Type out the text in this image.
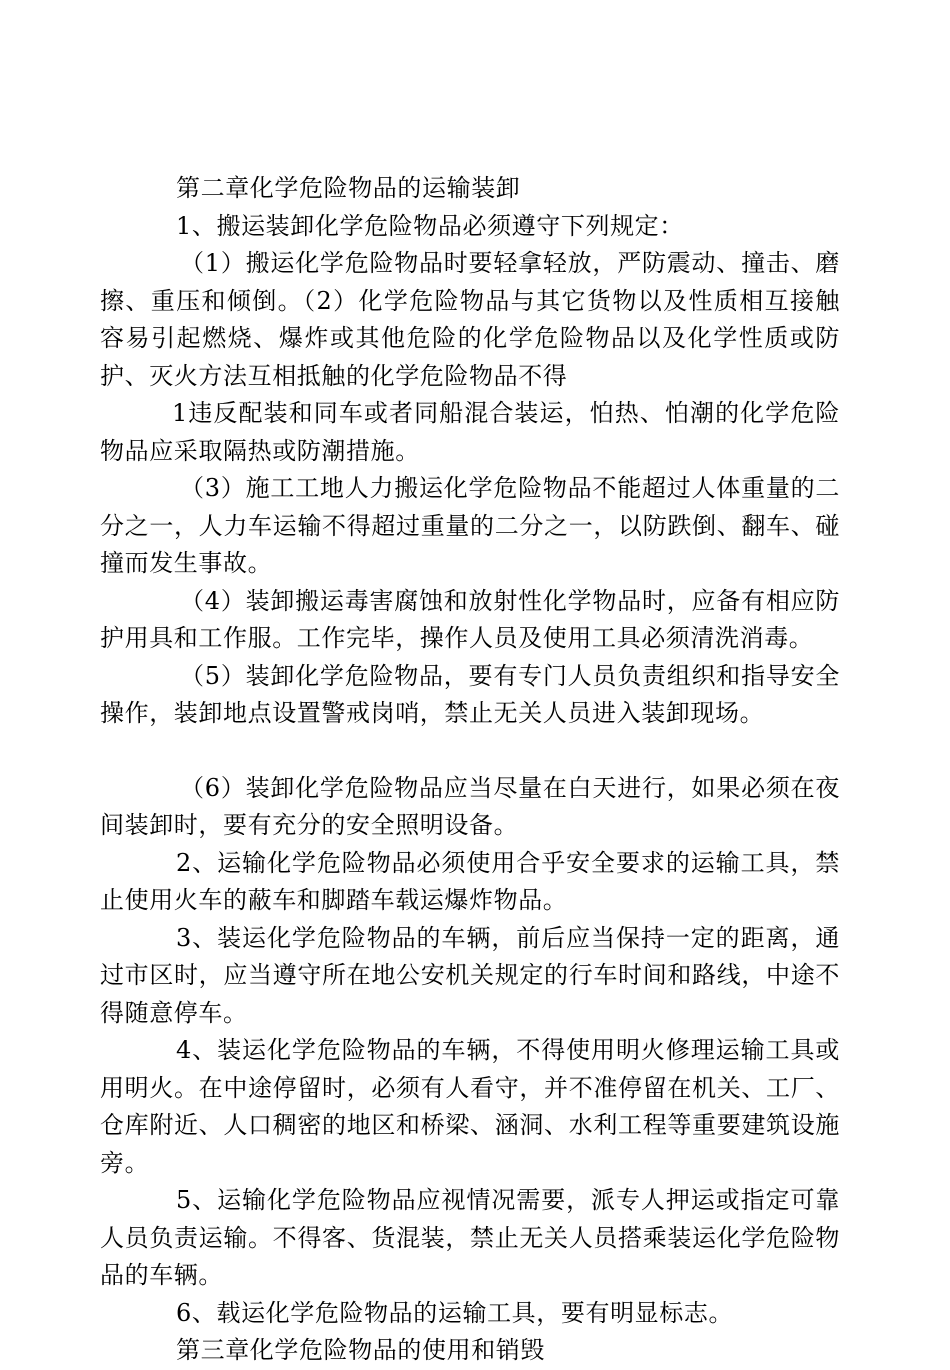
第二章化学危险物品的运输装卸

1、搬运装卸化学危险物品必须遵守下列规定：

（1）搬运化学危险物品时要轻拿轻放，严防震动、撞击、磨擦、重压和倾倒。（2）化学危险物品与其它货物以及性质相互接触容易引起燃烧、爆炸或其他危险的化学危险物品以及化学性质或防护、灭火方法互相抵触的化学危险物品不得

1违反配装和同车或者同船混合装运，怕热、怕潮的化学危险物品应采取隔热或防潮措施。

（3）施工工地人力搬运化学危险物品不能超过人体重量的二分之一，人力车运输不得超过重量的二分之一，以防跌倒、翻车、碰撞而发生事故。

（4）装卸搬运毒害腐蚀和放射性化学物品时，应备有相应防护用具和工作服。工作完毕，操作人员及使用工具必须清洗消毒。

（5）装卸化学危险物品，要有专门人员负责组织和指导安全操作，装卸地点设置警戒岗哨，禁止无关人员进入装卸现场。

（6）装卸化学危险物品应当尽量在白天进行，如果必须在夜间装卸时，要有充分的安全照明设备。

2、运输化学危险物品必须使用合乎安全要求的运输工具，禁止使用火车的蔽车和脚踏车载运爆炸物品。

3、装运化学危险物品的车辆，前后应当保持一定的距离，通过市区时，应当遵守所在地公安机关规定的行车时间和路线，中途不得随意停车。

4、装运化学危险物品的车辆，不得使用明火修理运输工具或用明火。在中途停留时，必须有人看守，并不准停留在机关、工厂、仓库附近、人口稠密的地区和桥梁、涵洞、水利工程等重要建筑设施旁。

5、运输化学危险物品应视情况需要，派专人押运或指定可靠人员负责运输。不得客、货混装，禁止无关人员搭乘装运化学危险物品的车辆。

6、载运化学危险物品的运输工具，要有明显标志。

第三章化学危险物品的使用和销毁
